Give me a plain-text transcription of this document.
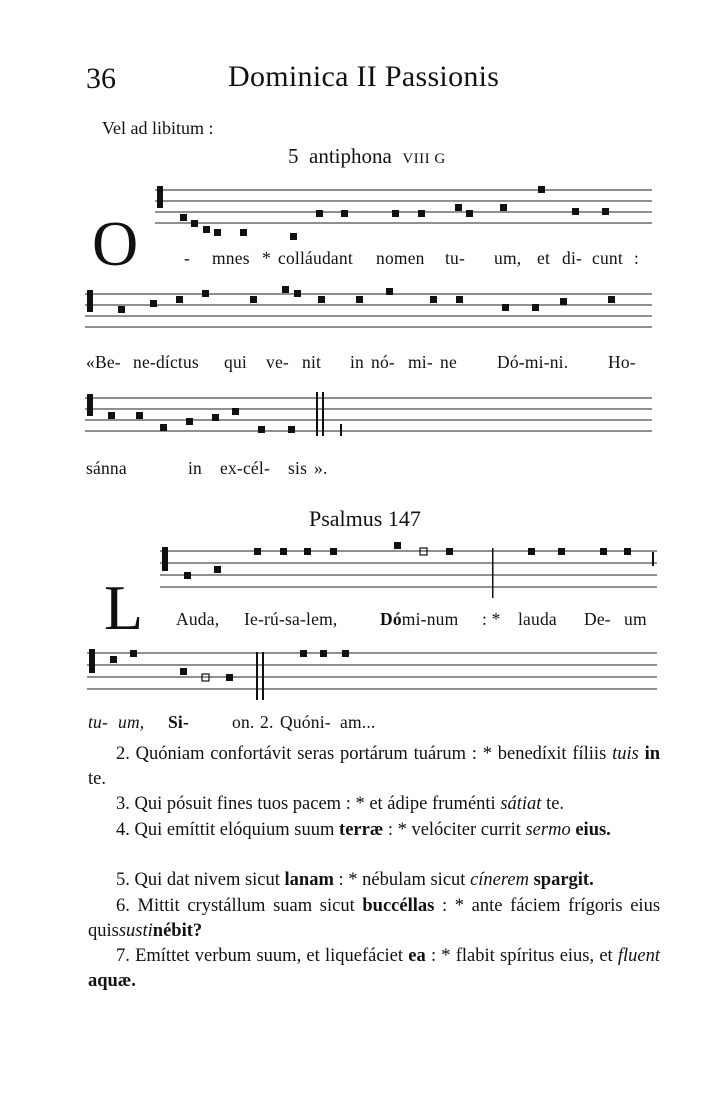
36	Dominica II Passionis
Vel ad libitum :
5 antiphona VIII G
O	- mnes * colláudant nomen tu- um, et di- cunt :
«Be- ne-díctus qui ve- nit in nó- mi- ne Dó-mi-ni. Ho-
sánna	in ex-cél- sis ».
Psalmus 147
L Auda, Ie-rú-sa-lem, Dómi-num : * lauda De- um
tu- um, Si- on. 2. Quóni- am...
2. Quóniam confortávit seras portárum tuárum : * benedíxit fíliis tuis in te.
3. Qui pósuit fines tuos pacem : * et ádipe fruménti sátiat te.
4. Qui emíttit elóquium suum terræ : * velóciter currit sermo eius.
5. Qui dat nivem sicut lanam : * nébulam sicut cínerem spargit.
6. Mittit crystállum suam sicut buccéllas : * ante fáciem frígoris eius quissustinébit?
7. Emíttet verbum suum, et liquefáciet ea : * flabit spíritus eius, et fluent aquæ.
